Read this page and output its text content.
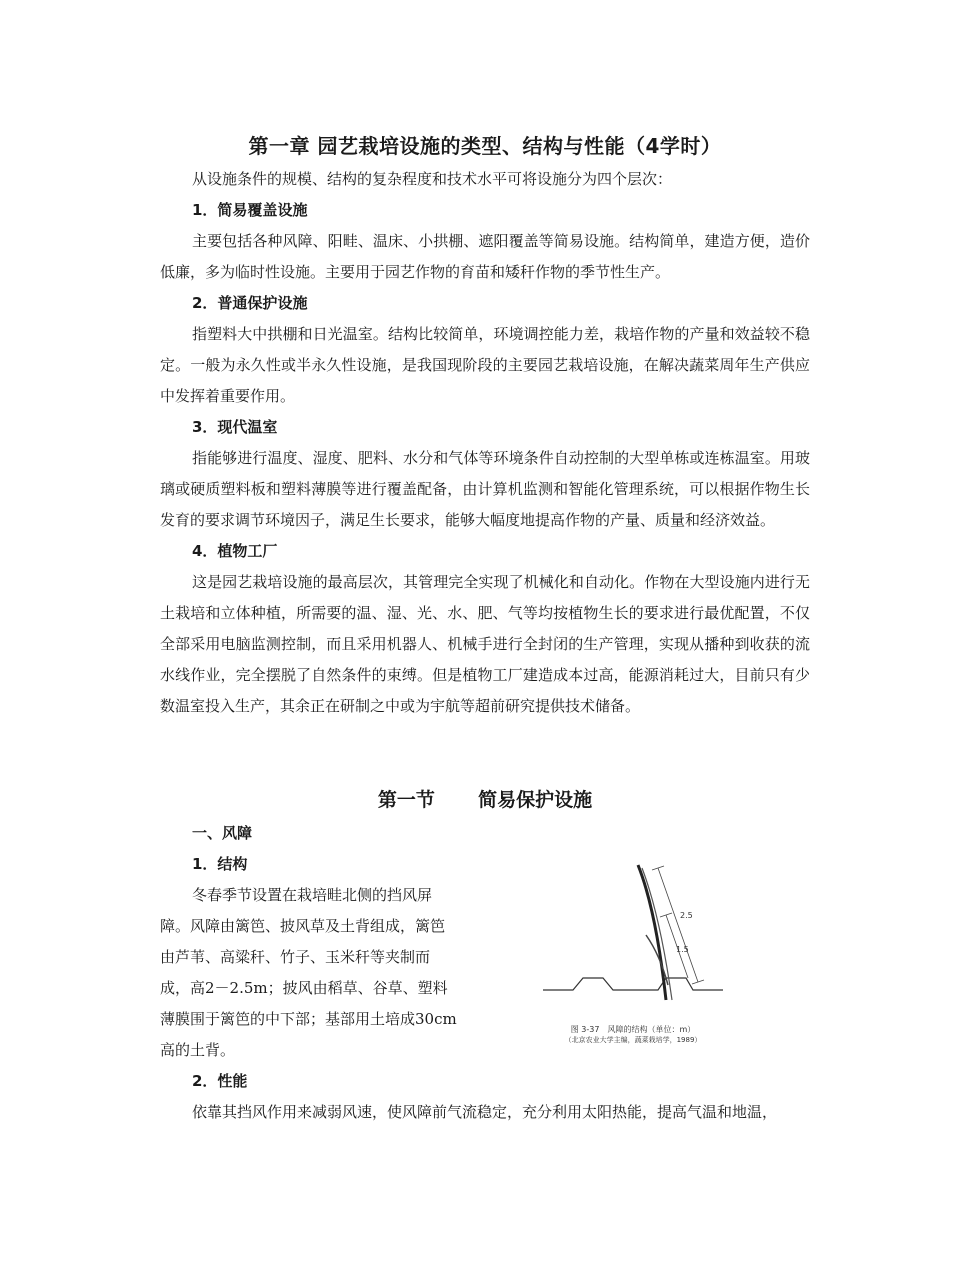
第一章 园艺栽培设施的类型、结构与性能（4学时）

从设施条件的规模、结构的复杂程度和技术水平可将设施分为四个层次：

1．简易覆盖设施

主要包括各种风障、阳畦、温床、小拱棚、遮阳覆盖等简易设施。结构简单，建造方便，造价低廉，多为临时性设施。主要用于园艺作物的育苗和矮秆作物的季节性生产。

2．普通保护设施

指塑料大中拱棚和日光温室。结构比较简单，环境调控能力差，栽培作物的产量和效益较不稳定。一般为永久性或半永久性设施，是我国现阶段的主要园艺栽培设施，在解决蔬菜周年生产供应中发挥着重要作用。

3．现代温室

指能够进行温度、湿度、肥料、水分和气体等环境条件自动控制的大型单栋或连栋温室。用玻璃或硬质塑料板和塑料薄膜等进行覆盖配备，由计算机监测和智能化管理系统，可以根据作物生长发育的要求调节环境因子，满足生长要求，能够大幅度地提高作物的产量、质量和经济效益。

4．植物工厂

这是园艺栽培设施的最高层次，其管理完全实现了机械化和自动化。作物在大型设施内进行无土栽培和立体种植，所需要的温、湿、光、水、肥、气等均按植物生长的要求进行最优配置，不仅全部采用电脑监测控制，而且采用机器人、机械手进行全封闭的生产管理，实现从播种到收获的流水线作业，完全摆脱了自然条件的束缚。但是植物工厂建造成本过高，能源消耗过大，目前只有少数温室投入生产，其余正在研制之中或为宇航等超前研究提供技术储备。

第一节 简易保护设施

一、风障

1．结构

冬春季节设置在栽培畦北侧的挡风屏

障。风障由篱笆、披风草及土背组成，篱笆

由芦苇、高粱秆、竹子、玉米秆等夹制而

成，高2－2.5m；披风由稻草、谷草、塑料

薄膜围于篱笆的中下部；基部用土培成30cm

高的土背。

2．性能

依靠其挡风作用来减弱风速，使风障前气流稳定，充分利用太阳热能，提高气温和地温，

2.5
1.5
图 3-37　风障的结构（单位：m）
（北京农业大学主编，蔬菜栽培学，1989）
